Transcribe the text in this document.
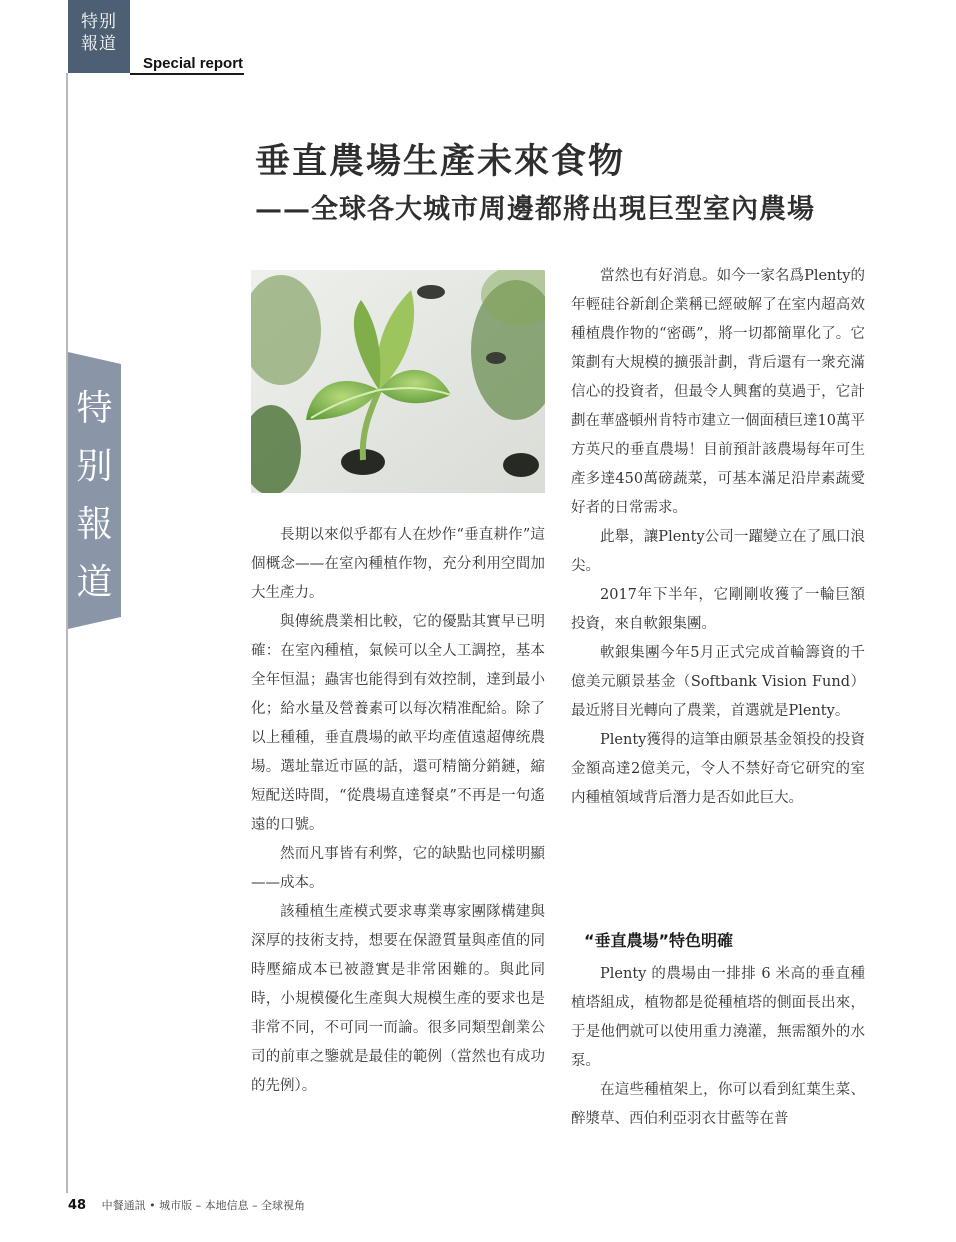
特别
報道
Special report
特
别
報
道
垂直農場生產未來食物
——全球各大城市周邊都將出現巨型室內農場

長期以來似乎都有人在炒作“垂直耕作”這個概念——在室內種植作物，充分利用空間加大生產力。

與傳統農業相比較，它的優點其實早已明確：在室內種植，氣候可以全人工調控，基本全年恒温；蟲害也能得到有效控制，達到最小化；給水量及營養素可以每次精准配給。除了以上種種，垂直農場的畝平均產值遠超傳统農場。選址靠近市區的話，還可精簡分銷鏈，縮短配送時間，“從農場直達餐桌”不再是一句遙遠的口號。

然而凡事皆有利弊，它的缺點也同樣明顯——成本。

該種植生產模式要求專業專家團隊構建與深厚的技術支持，想要在保證質量與產值的同時壓縮成本已被證實是非常困難的。與此同時，小規模優化生產與大規模生產的要求也是非常不同，不可同一而論。很多同類型創業公司的前車之鑒就是最佳的範例（當然也有成功的先例）。

當然也有好消息。如今一家名爲Plenty的年輕硅谷新創企業稱已經破解了在室内超高效種植農作物的“密碼”，將一切都簡單化了。它策劃有大規模的擴張計劃，背后還有一衆充滿信心的投資者，但最令人興奮的莫過于，它計劃在華盛頓州肯特市建立一個面積巨達10萬平方英尺的垂直農場！目前預計該農場每年可生產多達450萬磅蔬菜，可基本滿足沿岸素蔬愛好者的日常需求。

此舉，讓Plenty公司一躍變立在了風口浪尖。

2017年下半年，它剛剛收獲了一輪巨額投資，來自軟銀集團。

軟銀集團今年5月正式完成首輪籌資的千億美元願景基金（Softbank Vision Fund）最近將目光轉向了農業，首選就是Plenty。

Plenty獲得的這筆由願景基金領投的投資金額高達2億美元，令人不禁好奇它研究的室内種植領域背后潛力是否如此巨大。

“垂直農場”特色明確

Plenty 的農場由一排排 6 米高的垂直種植塔組成，植物都是從種植塔的側面長出來，于是他們就可以使用重力澆灌，無需額外的水泵。

在這些種植架上，你可以看到紅葉生菜、醉漿草、西伯利亞羽衣甘藍等在普

48 中餐通訊 • 城市版 – 本地信息 – 全球視角
